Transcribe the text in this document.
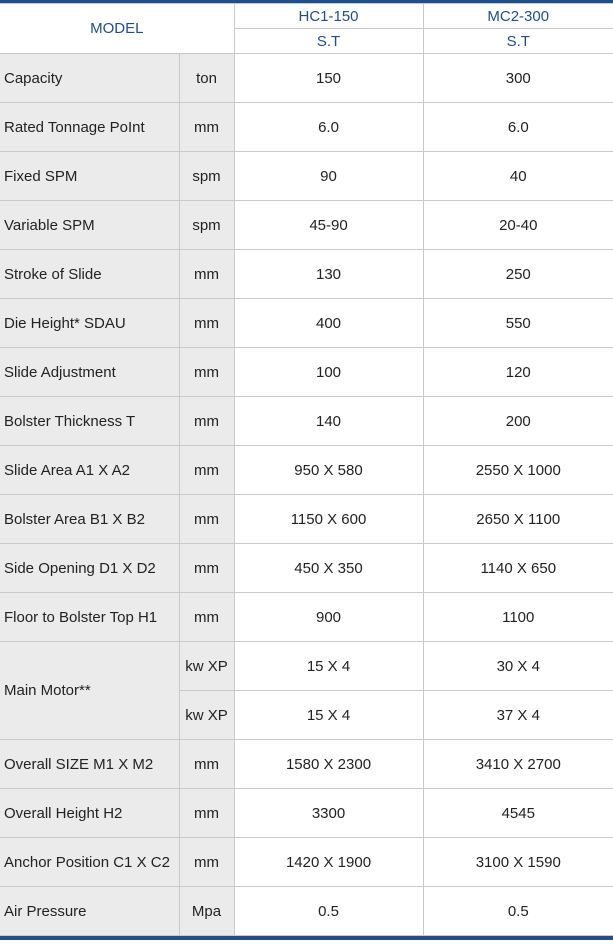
MODEL		HC1-150	MC2-300
		S.T	S.T
Capacity	ton	150	300
Rated Tonnage PoInt	mm	6.0	6.0
Fixed SPM	spm	90	40
Variable SPM	spm	45-90	20-40
Stroke of Slide	mm	130	250
Die Height* SDAU	mm	400	550
Slide Adjustment	mm	100	120
Bolster Thickness T	mm	140	200
Slide Area A1 X A2	mm	950 X 580	2550 X 1000
Bolster Area B1 X B2	mm	1150 X 600	2650 X 1100
Side Opening D1 X D2	mm	450 X 350	1140 X 650
Floor to Bolster Top H1	mm	900	1100
Main Motor**	kw XP	15 X 4	30 X 4
	kw XP	15 X 4	37 X 4
Overall SIZE M1 X M2	mm	1580 X 2300	3410 X 2700
Overall Height H2	mm	3300	4545
Anchor Position C1 X C2	mm	1420 X 1900	3100 X 1590
Air Pressure	Mpa	0.5	0.5
